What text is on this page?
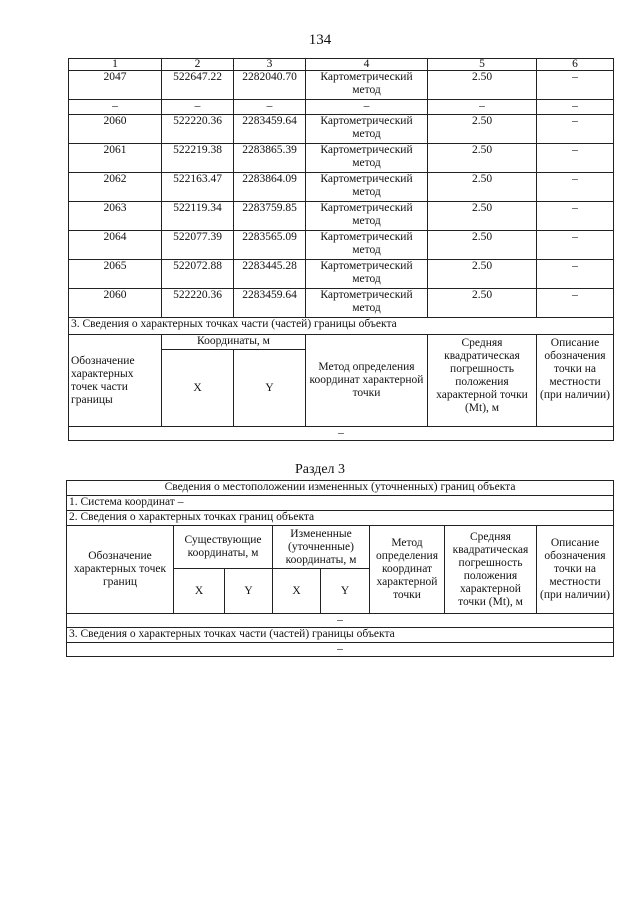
134
1	2	3	4	5	6
2047	522647.22	2282040.70	Картометрический метод	2.50	–
–	–	–	–	–	–
2060	522220.36	2283459.64	Картометрический метод	2.50	–
2061	522219.38	2283865.39	Картометрический метод	2.50	–
2062	522163.47	2283864.09	Картометрический метод	2.50	–
2063	522119.34	2283759.85	Картометрический метод	2.50	–
2064	522077.39	2283565.09	Картометрический метод	2.50	–
2065	522072.88	2283445.28	Картометрический метод	2.50	–
2060	522220.36	2283459.64	Картометрический метод	2.50	–
3. Сведения о характерных точках части (частей) границы объекта					
Обозначение характерных точек части границы	Координаты, м		Метод определения координат характерной точки	Средняя квадратическая погрешность положения характерной точки (Mt), м	Описание обозначения точки на местности (при наличии)
	X	Y			
–					
Раздел 3
Сведения о местоположении измененных (уточненных) границ объекта							
1. Система координат –							
2. Сведения о характерных точках границ объекта							
Обозначение характерных точек границ	Существующие координаты, м		Измененные (уточненные) координаты, м		Метод определения координат характерной точки	Средняя квадратическая погрешность положения характерной точки (Mt), м	Описание обозначения точки на местности (при наличии)
	X	Y	X	Y			
–							
3. Сведения о характерных точках части (частей) границы объекта							
–							
